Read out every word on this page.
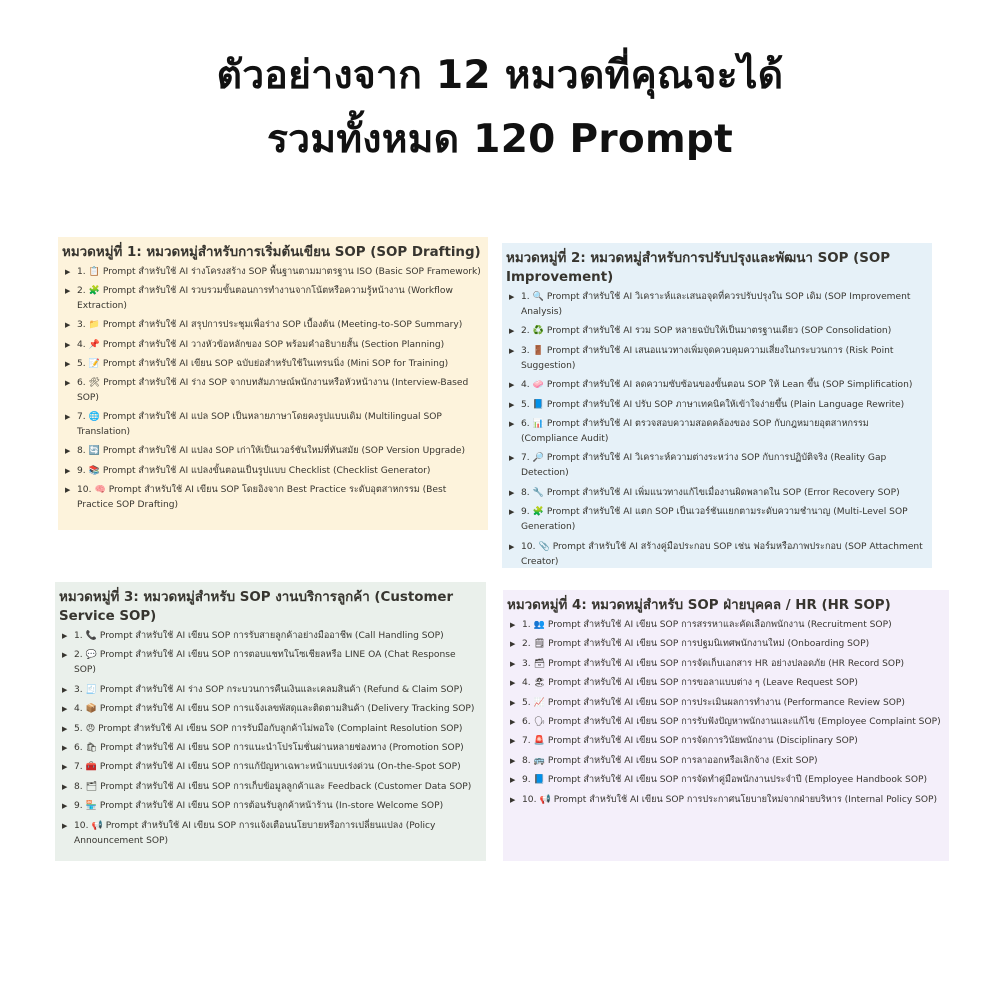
ตัวอย่างจาก 12 หมวดที่คุณจะได้
รวมทั้งหมด 120 Prompt
หมวดหมู่ที่ 1: หมวดหมู่สำหรับการเริ่มต้นเขียน SOP (SOP Drafting)
▶ 1. 📋 Prompt สำหรับใช้ AI ร่างโครงสร้าง SOP พื้นฐานตามมาตรฐาน ISO (Basic SOP Framework)
▶ 2. 🧩 Prompt สำหรับใช้ AI รวบรวมขั้นตอนการทำงานจากโน้ตหรือความรู้หน้างาน (Workflow Extraction)
▶ 3. 📁 Prompt สำหรับใช้ AI สรุปการประชุมเพื่อร่าง SOP เบื้องต้น (Meeting-to-SOP Summary)
▶ 4. 📌 Prompt สำหรับใช้ AI วางหัวข้อหลักของ SOP พร้อมคำอธิบายสั้น (Section Planning)
▶ 5. 📝 Prompt สำหรับใช้ AI เขียน SOP ฉบับย่อสำหรับใช้ในเทรนนิ่ง (Mini SOP for Training)
▶ 6. 🛠 Prompt สำหรับใช้ AI ร่าง SOP จากบทสัมภาษณ์พนักงานหรือหัวหน้างาน (Interview-Based SOP)
▶ 7. 🌐 Prompt สำหรับใช้ AI แปล SOP เป็นหลายภาษาโดยคงรูปแบบเดิม (Multilingual SOP Translation)
▶ 8. 🔄 Prompt สำหรับใช้ AI แปลง SOP เก่าให้เป็นเวอร์ชันใหม่ที่ทันสมัย (SOP Version Upgrade)
▶ 9. 📚 Prompt สำหรับใช้ AI แปลงขั้นตอนเป็นรูปแบบ Checklist (Checklist Generator)
▶ 10. 🧠 Prompt สำหรับใช้ AI เขียน SOP โดยอิงจาก Best Practice ระดับอุตสาหกรรม (Best Practice SOP Drafting)
หมวดหมู่ที่ 2: หมวดหมู่สำหรับการปรับปรุงและพัฒนา SOP (SOP Improvement)
▶ 1. 🔍 Prompt สำหรับใช้ AI วิเคราะห์และเสนอจุดที่ควรปรับปรุงใน SOP เดิม (SOP Improvement Analysis)
▶ 2. ♻️ Prompt สำหรับใช้ AI รวม SOP หลายฉบับให้เป็นมาตรฐานเดียว (SOP Consolidation)
▶ 3. 🚪 Prompt สำหรับใช้ AI เสนอแนวทางเพิ่มจุดควบคุมความเสี่ยงในกระบวนการ (Risk Point Suggestion)
▶ 4. 🧼 Prompt สำหรับใช้ AI ลดความซับซ้อนของขั้นตอน SOP ให้ Lean ขึ้น (SOP Simplification)
▶ 5. 📘 Prompt สำหรับใช้ AI ปรับ SOP ภาษาเทคนิคให้เข้าใจง่ายขึ้น (Plain Language Rewrite)
▶ 6. 📊 Prompt สำหรับใช้ AI ตรวจสอบความสอดคล้องของ SOP กับกฎหมายอุตสาหกรรม (Compliance Audit)
▶ 7. 🔎 Prompt สำหรับใช้ AI วิเคราะห์ความต่างระหว่าง SOP กับการปฏิบัติจริง (Reality Gap Detection)
▶ 8. 🔧 Prompt สำหรับใช้ AI เพิ่มแนวทางแก้ไขเมื่องานผิดพลาดใน SOP (Error Recovery SOP)
▶ 9. 🧩 Prompt สำหรับใช้ AI แตก SOP เป็นเวอร์ชันแยกตามระดับความชำนาญ (Multi-Level SOP Generation)
▶ 10. 📎 Prompt สำหรับใช้ AI สร้างคู่มือประกอบ SOP เช่น ฟอร์มหรือภาพประกอบ (SOP Attachment Creator)
หมวดหมู่ที่ 3: หมวดหมู่สำหรับ SOP งานบริการลูกค้า (Customer Service SOP)
▶ 1. 📞 Prompt สำหรับใช้ AI เขียน SOP การรับสายลูกค้าอย่างมืออาชีพ (Call Handling SOP)
▶ 2. 💬 Prompt สำหรับใช้ AI เขียน SOP การตอบแชทในโซเชียลหรือ LINE OA (Chat Response SOP)
▶ 3. 🧾 Prompt สำหรับใช้ AI ร่าง SOP กระบวนการคืนเงินและเคลมสินค้า (Refund & Claim SOP)
▶ 4. 📦 Prompt สำหรับใช้ AI เขียน SOP การแจ้งเลขพัสดุและติดตามสินค้า (Delivery Tracking SOP)
▶ 5. 😠 Prompt สำหรับใช้ AI เขียน SOP การรับมือกับลูกค้าไม่พอใจ (Complaint Resolution SOP)
▶ 6. 🛍 Prompt สำหรับใช้ AI เขียน SOP การแนะนำโปรโมชั่นผ่านหลายช่องทาง (Promotion SOP)
▶ 7. 🧰 Prompt สำหรับใช้ AI เขียน SOP การแก้ปัญหาเฉพาะหน้าแบบเร่งด่วน (On-the-Spot SOP)
▶ 8. 🗂 Prompt สำหรับใช้ AI เขียน SOP การเก็บข้อมูลลูกค้าและ Feedback (Customer Data SOP)
▶ 9. 🏪 Prompt สำหรับใช้ AI เขียน SOP การต้อนรับลูกค้าหน้าร้าน (In-store Welcome SOP)
▶ 10. 📢 Prompt สำหรับใช้ AI เขียน SOP การแจ้งเตือนนโยบายหรือการเปลี่ยนแปลง (Policy Announcement SOP)
หมวดหมู่ที่ 4: หมวดหมู่สำหรับ SOP ฝ่ายบุคคล / HR (HR SOP)
▶ 1. 👥 Prompt สำหรับใช้ AI เขียน SOP การสรรหาและคัดเลือกพนักงาน (Recruitment SOP)
▶ 2. 🗒 Prompt สำหรับใช้ AI เขียน SOP การปฐมนิเทศพนักงานใหม่ (Onboarding SOP)
▶ 3. 🗃 Prompt สำหรับใช้ AI เขียน SOP การจัดเก็บเอกสาร HR อย่างปลอดภัย (HR Record SOP)
▶ 4. 🏖 Prompt สำหรับใช้ AI เขียน SOP การขอลาแบบต่าง ๆ (Leave Request SOP)
▶ 5. 📈 Prompt สำหรับใช้ AI เขียน SOP การประเมินผลการทำงาน (Performance Review SOP)
▶ 6. 🗣 Prompt สำหรับใช้ AI เขียน SOP การรับฟังปัญหาพนักงานและแก้ไข (Employee Complaint SOP)
▶ 7. 🚨 Prompt สำหรับใช้ AI เขียน SOP การจัดการวินัยพนักงาน (Disciplinary SOP)
▶ 8. 🚌 Prompt สำหรับใช้ AI เขียน SOP การลาออกหรือเลิกจ้าง (Exit SOP)
▶ 9. 📘 Prompt สำหรับใช้ AI เขียน SOP การจัดทำคู่มือพนักงานประจำปี (Employee Handbook SOP)
▶ 10. 📢 Prompt สำหรับใช้ AI เขียน SOP การประกาศนโยบายใหม่จากฝ่ายบริหาร (Internal Policy SOP)
